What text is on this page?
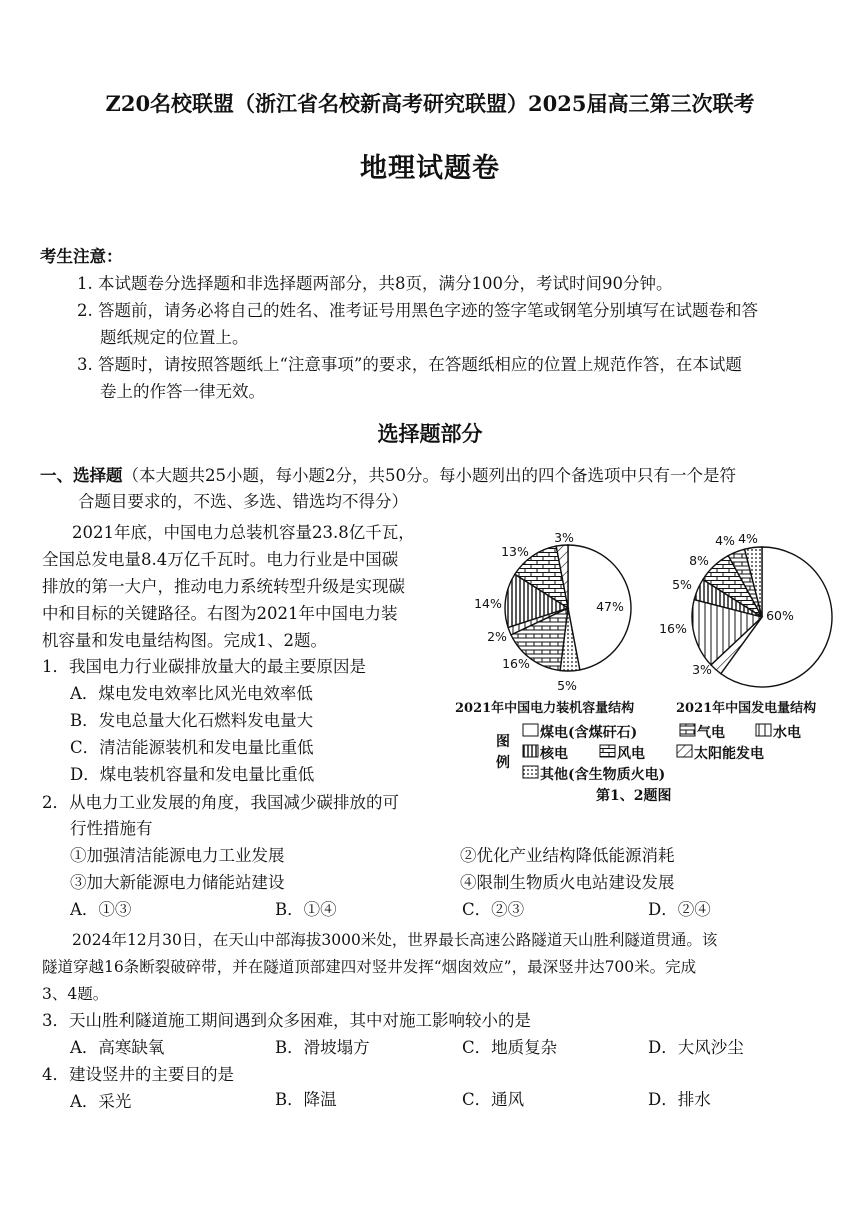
Z20名校联盟（浙江省名校新高考研究联盟）2025届高三第三次联考
地理试题卷
考生注意：
1. 本试题卷分选择题和非选择题两部分，共8页，满分100分，考试时间90分钟。
2. 答题前，请务必将自己的姓名、准考证号用黑色字迹的签字笔或钢笔分别填写在试题卷和答
题纸规定的位置上。
3. 答题时，请按照答题纸上“注意事项”的要求，在答题纸相应的位置上规范作答，在本试题
卷上的作答一律无效。
选择题部分
一、选择题（本大题共25小题，每小题2分，共50分。每小题列出的四个备选项中只有一个是符
合题目要求的，不选、多选、错选均不得分）
2021年底，中国电力总装机容量23.8亿千瓦，
全国总发电量8.4万亿千瓦时。电力行业是中国碳
排放的第一大户，推动电力系统转型升级是实现碳
中和目标的关键路径。右图为2021年中国电力装
机容量和发电量结构图。完成1、2题。
1．我国电力行业碳排放量大的最主要原因是
A．煤电发电效率比风光电效率低
B．发电总量大化石燃料发电量大
C．清洁能源装机和发电量比重低
D．煤电装机容量和发电量比重低
2．从电力工业发展的角度，我国减少碳排放的可
行性措施有
①加强清洁能源电力工业发展	②优化产业结构降低能源消耗
③加大新能源电力储能站建设	④限制生物质火电站建设发展
A．①③	B．①④	C．②③	D．②④
2024年12月30日，在天山中部海拔3000米处，世界最长高速公路隧道天山胜利隧道贯通。该
隧道穿越16条断裂破碎带，并在隧道顶部建四对竖井发挥“烟囱效应”，最深竖井达700米。完成
3、4题。
3．天山胜利隧道施工期间遇到众多困难，其中对施工影响较小的是
A．高寒缺氧	B．滑坡塌方	C．地质复杂	D．大风沙尘
4．建设竖井的主要目的是
A．采光	B．降温	C．通风	D．排水
47%
5%
16%
2%
14%
13%
3%
60%
3%
16%
5%
8%
4% 4%
2021年中国电力装机容量结构	2021年中国发电量结构
图
例
煤电(含煤矸石)	气电	水电
核电	风电	太阳能发电
其他(含生物质火电)
第1、2题图
